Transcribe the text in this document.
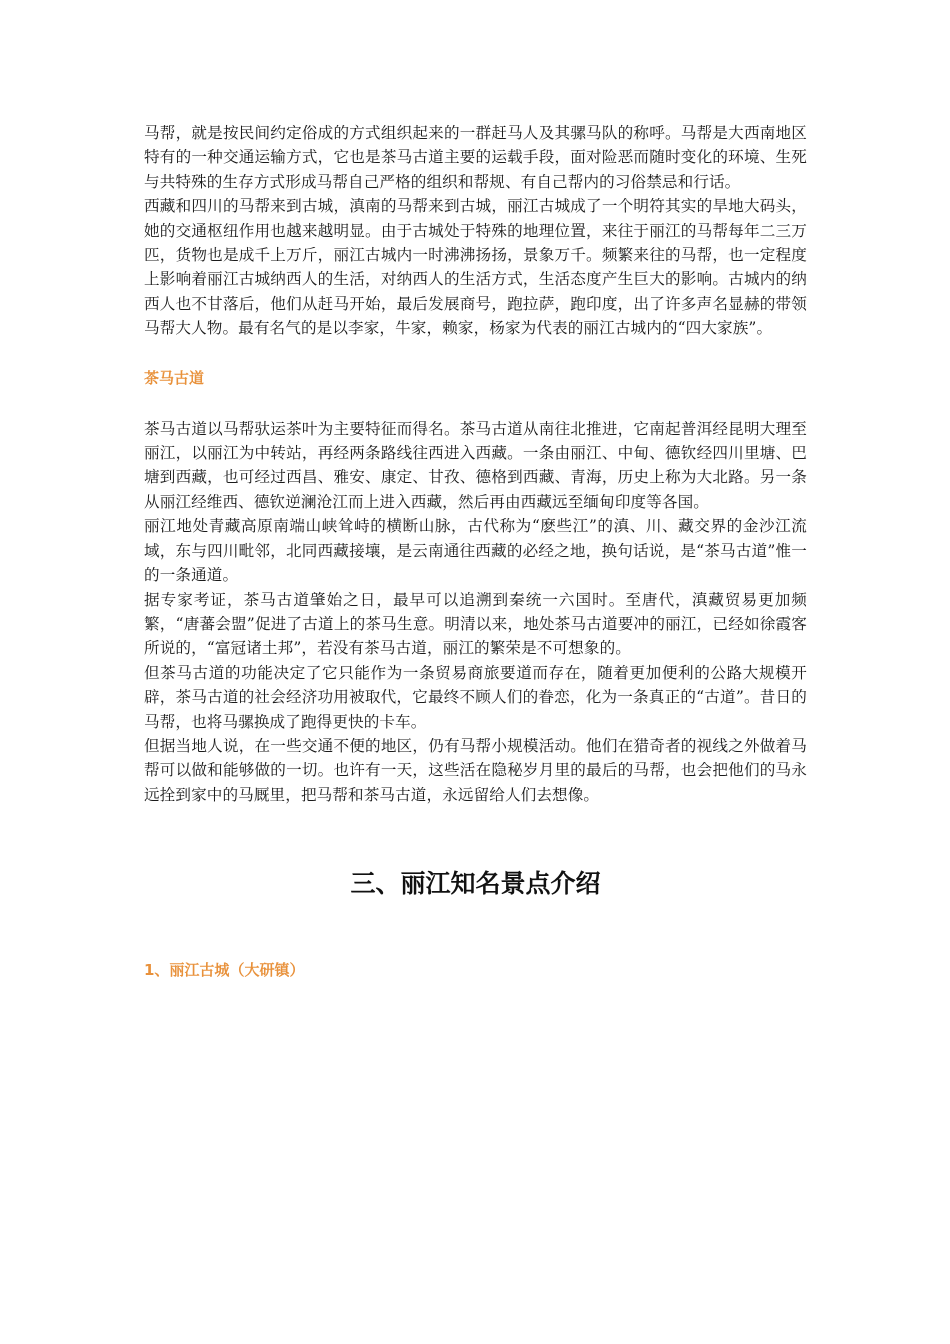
马帮，就是按民间约定俗成的方式组织起来的一群赶马人及其骡马队的称呼。马帮是大西南地区特有的一种交通运输方式，它也是茶马古道主要的运载手段，面对险恶而随时变化的环境、生死与共特殊的生存方式形成马帮自己严格的组织和帮规、有自己帮内的习俗禁忌和行话。

西藏和四川的马帮来到古城，滇南的马帮来到古城，丽江古城成了一个明符其实的旱地大码头，她的交通枢纽作用也越来越明显。由于古城处于特殊的地理位置，来往于丽江的马帮每年二三万匹，货物也是成千上万斤，丽江古城内一时沸沸扬扬，景象万千。频繁来往的马帮，也一定程度上影响着丽江古城纳西人的生活，对纳西人的生活方式，生活态度产生巨大的影响。古城内的纳西人也不甘落后，他们从赶马开始，最后发展商号，跑拉萨，跑印度，出了许多声名显赫的带领马帮大人物。最有名气的是以李家，牛家，赖家，杨家为代表的丽江古城内的“四大家族”。

茶马古道

茶马古道以马帮驮运茶叶为主要特征而得名。茶马古道从南往北推进，它南起普洱经昆明大理至丽江，以丽江为中转站，再经两条路线往西进入西藏。一条由丽江、中甸、德钦经四川里塘、巴塘到西藏，也可经过西昌、雅安、康定、甘孜、德格到西藏、青海，历史上称为大北路。另一条从丽江经维西、德钦逆澜沧江而上进入西藏，然后再由西藏远至缅甸印度等各国。

丽江地处青藏高原南端山峡耸峙的横断山脉，古代称为“麽些江”的滇、川、藏交界的金沙江流域，东与四川毗邻，北同西藏接壤，是云南通往西藏的必经之地，换句话说，是“茶马古道”惟一的一条通道。

据专家考证，茶马古道肇始之日，最早可以追溯到秦统一六国时。至唐代，滇藏贸易更加频繁，“唐蕃会盟”促进了古道上的茶马生意。明清以来，地处茶马古道要冲的丽江，已经如徐霞客所说的，“富冠诸土邦”，若没有茶马古道，丽江的繁荣是不可想象的。

但茶马古道的功能决定了它只能作为一条贸易商旅要道而存在，随着更加便利的公路大规模开辟，茶马古道的社会经济功用被取代，它最终不顾人们的眷恋，化为一条真正的“古道”。昔日的马帮，也将马骡换成了跑得更快的卡车。

但据当地人说，在一些交通不便的地区，仍有马帮小规模活动。他们在猎奇者的视线之外做着马帮可以做和能够做的一切。也许有一天，这些活在隐秘岁月里的最后的马帮，也会把他们的马永远拴到家中的马厩里，把马帮和茶马古道，永远留给人们去想像。

三、丽江知名景点介绍
1、丽江古城（大研镇）
